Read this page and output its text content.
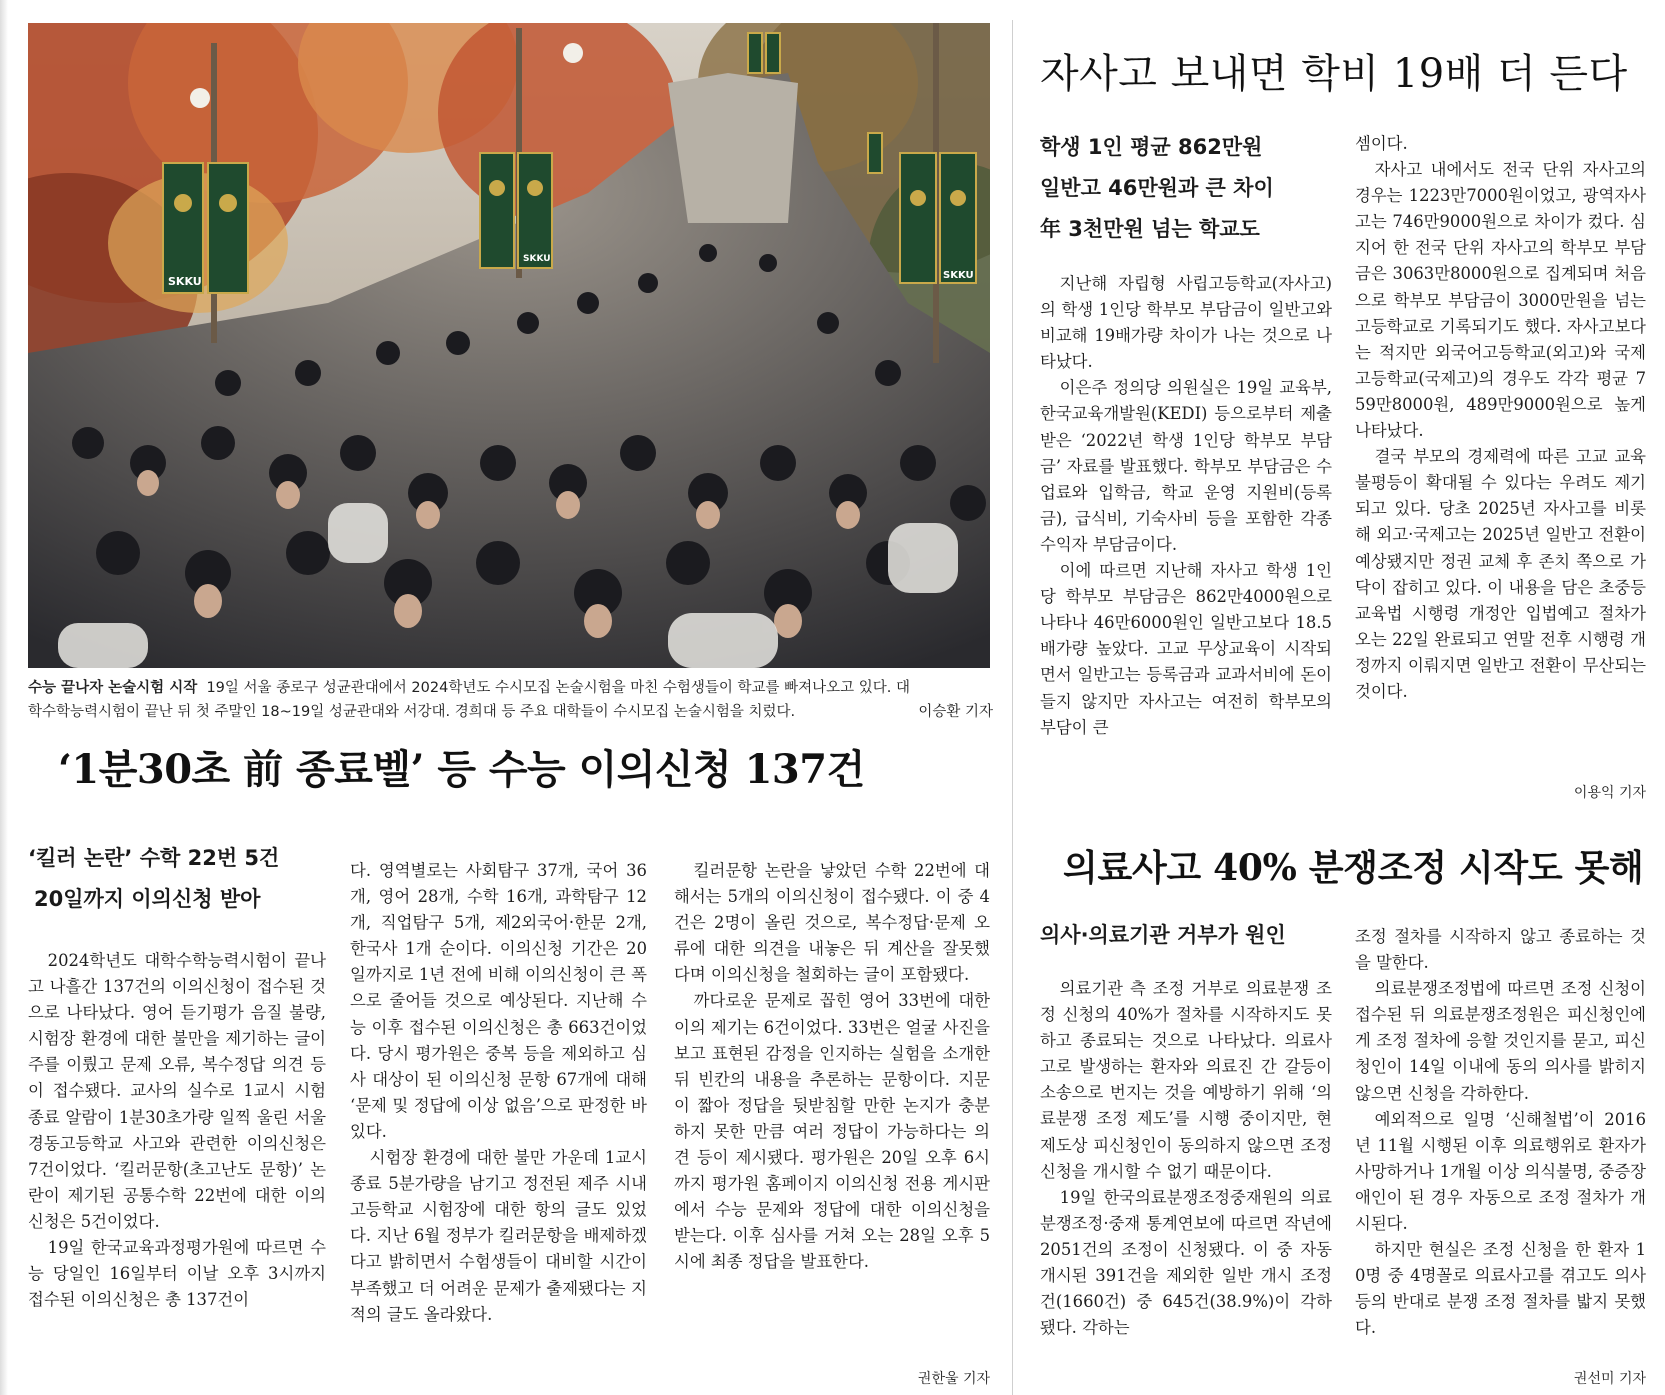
SKKU
SKKU
SKKU
이승환 기자
수능 끝나자 논술시험 시작 19일 서울 종로구 성균관대에서 2024학년도 수시모집 논술시험을 마친 수험생들이 학교를 빠져나오고 있다. 대학수학능력시험이 끝난 뒤 첫 주말인 18~19일 성균관대와 서강대. 경희대 등 주요 대학들이 수시모집 논술시험을 치렀다.
‘1분30초 前 종료벨’ 등 수능 이의신청 137건
‘킬러 논란’ 수학 22번 5건
20일까지 이의신청 받아

2024학년도 대학수학능력시험이 끝나고 나흘간 137건의 이의신청이 접수된 것으로 나타났다. 영어 듣기평가 음질 불량, 시험장 환경에 대한 불만을 제기하는 글이 주를 이뤘고 문제 오류, 복수정답 의견 등이 접수됐다. 교사의 실수로 1교시 시험 종료 알람이 1분30초가량 일찍 울린 서울 경동고등학교 사고와 관련한 이의신청은 7건이었다. ‘킬러문항(초고난도 문항)’ 논란이 제기된 공통수학 22번에 대한 이의신청은 5건이었다.

19일 한국교육과정평가원에 따르면 수능 당일인 16일부터 이날 오후 3시까지 접수된 이의신청은 총 137건이

다. 영역별로는 사회탐구 37개, 국어 36개, 영어 28개, 수학 16개, 과학탐구 12개, 직업탐구 5개, 제2외국어·한문 2개, 한국사 1개 순이다. 이의신청 기간은 20일까지로 1년 전에 비해 이의신청이 큰 폭으로 줄어들 것으로 예상된다. 지난해 수능 이후 접수된 이의신청은 총 663건이었다. 당시 평가원은 중복 등을 제외하고 심사 대상이 된 이의신청 문항 67개에 대해 ‘문제 및 정답에 이상 없음’으로 판정한 바 있다.

시험장 환경에 대한 불만 가운데 1교시 종료 5분가량을 남기고 정전된 제주 시내 고등학교 시험장에 대한 항의 글도 있었다. 지난 6월 정부가 킬러문항을 배제하겠다고 밝히면서 수험생들이 대비할 시간이 부족했고 더 어려운 문제가 출제됐다는 지적의 글도 올라왔다.

킬러문항 논란을 낳았던 수학 22번에 대해서는 5개의 이의신청이 접수됐다. 이 중 4건은 2명이 올린 것으로, 복수정답·문제 오류에 대한 의견을 내놓은 뒤 계산을 잘못했다며 이의신청을 철회하는 글이 포함됐다.

까다로운 문제로 꼽힌 영어 33번에 대한 이의 제기는 6건이었다. 33번은 얼굴 사진을 보고 표현된 감정을 인지하는 실험을 소개한 뒤 빈칸의 내용을 추론하는 문항이다. 지문이 짧아 정답을 뒷받침할 만한 논지가 충분하지 못한 만큼 여러 정답이 가능하다는 의견 등이 제시됐다. 평가원은 20일 오후 6시까지 평가원 홈페이지 이의신청 전용 게시판에서 수능 문제와 정답에 대한 이의신청을 받는다. 이후 심사를 거쳐 오는 28일 오후 5시에 최종 정답을 발표한다.

권한울 기자
자사고 보내면 학비 19배 더 든다
학생 1인 평균 862만원
일반고 46만원과 큰 차이
年 3천만원 넘는 학교도

지난해 자립형 사립고등학교(자사고)의 학생 1인당 학부모 부담금이 일반고와 비교해 19배가량 차이가 나는 것으로 나타났다.

이은주 정의당 의원실은 19일 교육부, 한국교육개발원(KEDI) 등으로부터 제출받은 ‘2022년 학생 1인당 학부모 부담금’ 자료를 발표했다. 학부모 부담금은 수업료와 입학금, 학교 운영 지원비(등록금), 급식비, 기숙사비 등을 포함한 각종 수익자 부담금이다.

이에 따르면 지난해 자사고 학생 1인당 학부모 부담금은 862만4000원으로 나타나 46만6000원인 일반고보다 18.5배가량 높았다. 고교 무상교육이 시작되면서 일반고는 등록금과 교과서비에 돈이 들지 않지만 자사고는 여전히 학부모의 부담이 큰

셈이다.

자사고 내에서도 전국 단위 자사고의 경우는 1223만7000원이었고, 광역자사고는 746만9000원으로 차이가 컸다. 심지어 한 전국 단위 자사고의 학부모 부담금은 3063만8000원으로 집계되며 처음으로 학부모 부담금이 3000만원을 넘는 고등학교로 기록되기도 했다. 자사고보다는 적지만 외국어고등학교(외고)와 국제고등학교(국제고)의 경우도 각각 평균 759만8000원, 489만9000원으로 높게 나타났다.

결국 부모의 경제력에 따른 고교 교육 불평등이 확대될 수 있다는 우려도 제기되고 있다. 당초 2025년 자사고를 비롯해 외고·국제고는 2025년 일반고 전환이 예상됐지만 정권 교체 후 존치 쪽으로 가닥이 잡히고 있다. 이 내용을 담은 초중등교육법 시행령 개정안 입법예고 절차가 오는 22일 완료되고 연말 전후 시행령 개정까지 이뤄지면 일반고 전환이 무산되는 것이다.

이용익 기자
의료사고 40% 분쟁조정 시작도 못해
의사·의료기관 거부가 원인

의료기관 측 조정 거부로 의료분쟁 조정 신청의 40%가 절차를 시작하지도 못하고 종료되는 것으로 나타났다. 의료사고로 발생하는 환자와 의료진 간 갈등이 소송으로 번지는 것을 예방하기 위해 ‘의료분쟁 조정 제도’를 시행 중이지만, 현 제도상 피신청인이 동의하지 않으면 조정 신청을 개시할 수 없기 때문이다.

19일 한국의료분쟁조정중재원의 의료분쟁조정·중재 통계연보에 따르면 작년에 2051건의 조정이 신청됐다. 이 중 자동 개시된 391건을 제외한 일반 개시 조정 건(1660건) 중 645건(38.9%)이 각하됐다. 각하는

조정 절차를 시작하지 않고 종료하는 것을 말한다.

의료분쟁조정법에 따르면 조정 신청이 접수된 뒤 의료분쟁조정원은 피신청인에게 조정 절차에 응할 것인지를 묻고, 피신청인이 14일 이내에 동의 의사를 밝히지 않으면 신청을 각하한다.

예외적으로 일명 ‘신해철법’이 2016년 11월 시행된 이후 의료행위로 환자가 사망하거나 1개월 이상 의식불명, 중증장애인이 된 경우 자동으로 조정 절차가 개시된다.

하지만 현실은 조정 신청을 한 환자 10명 중 4명꼴로 의료사고를 겪고도 의사 등의 반대로 분쟁 조정 절차를 밟지 못했다.

권선미 기자
